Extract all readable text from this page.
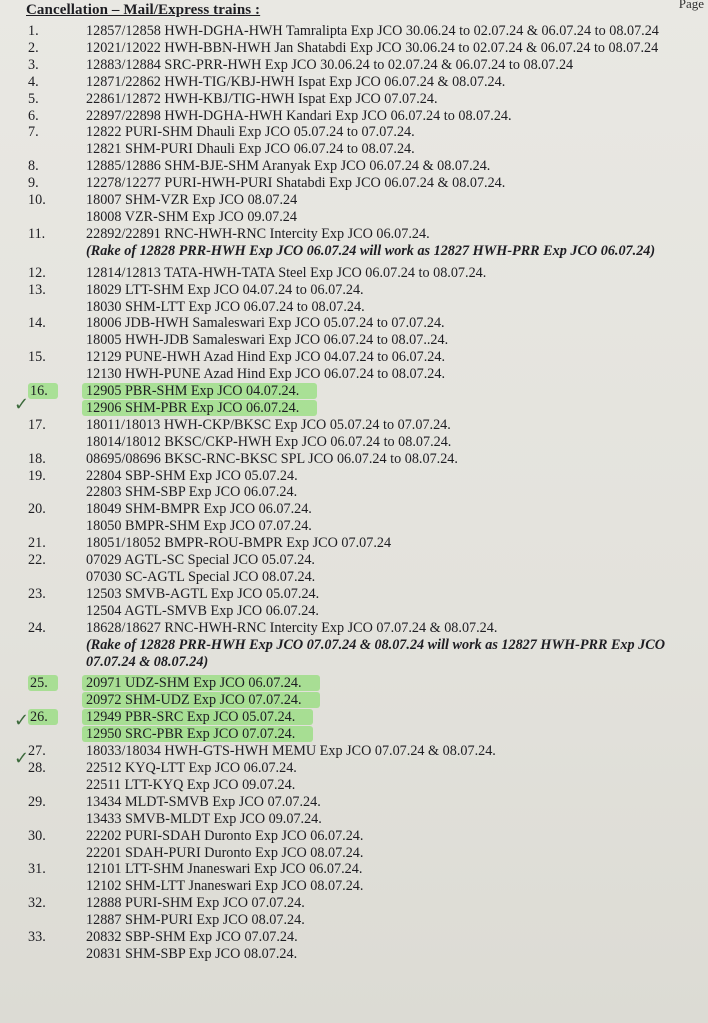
Page
Cancellation – Mail/Express trains :
1.	12857/12858 HWH-DGHA-HWH Tamralipta Exp JCO 30.06.24 to 02.07.24 & 06.07.24 to 08.07.24
2.	12021/12022 HWH-BBN-HWH Jan Shatabdi Exp JCO 30.06.24 to 02.07.24 & 06.07.24 to 08.07.24
3.	12883/12884 SRC-PRR-HWH Exp JCO 30.06.24 to 02.07.24 & 06.07.24 to 08.07.24
4.	12871/22862 HWH-TIG/KBJ-HWH Ispat Exp JCO 06.07.24 & 08.07.24.
5.	22861/12872 HWH-KBJ/TIG-HWH Ispat Exp JCO 07.07.24.
6.	22897/22898 HWH-DGHA-HWH Kandari Exp JCO 06.07.24 to 08.07.24.
7.	12822 PURI-SHM Dhauli Exp JCO 05.07.24 to 07.07.24.
12821 SHM-PURI Dhauli Exp JCO 06.07.24 to 08.07.24.
8.	12885/12886 SHM-BJE-SHM Aranyak Exp JCO 06.07.24 & 08.07.24.
9.	12278/12277 PURI-HWH-PURI Shatabdi Exp JCO 06.07.24 & 08.07.24.
10.	18007 SHM-VZR Exp JCO 08.07.24
18008 VZR-SHM Exp JCO 09.07.24
11.	22892/22891 RNC-HWH-RNC Intercity Exp JCO 06.07.24.
(Rake of 12828 PRR-HWH Exp JCO 06.07.24 will work as 12827 HWH-PRR Exp JCO 06.07.24)
12.	12814/12813 TATA-HWH-TATA Steel Exp JCO 06.07.24 to 08.07.24.
13.	18029 LTT-SHM Exp JCO 04.07.24 to 06.07.24.
18030 SHM-LTT Exp JCO 06.07.24 to 08.07.24.
14.	18006 JDB-HWH Samaleswari Exp JCO 05.07.24 to 07.07.24.
18005 HWH-JDB Samaleswari Exp JCO 06.07.24 to 08.07..24.
15.	12129 PUNE-HWH Azad Hind Exp JCO 04.07.24 to 06.07.24.
12130 HWH-PUNE Azad Hind Exp JCO 06.07.24 to 08.07.24.
16.	12905 PBR-SHM Exp JCO 04.07.24.
12906 SHM-PBR Exp JCO 06.07.24.
17.	18011/18013 HWH-CKP/BKSC Exp JCO 05.07.24 to 07.07.24.
18014/18012 BKSC/CKP-HWH Exp JCO 06.07.24 to 08.07.24.
18.	08695/08696 BKSC-RNC-BKSC SPL JCO 06.07.24 to 08.07.24.
19.	22804 SBP-SHM Exp JCO 05.07.24.
22803 SHM-SBP Exp JCO 06.07.24.
20.	18049 SHM-BMPR Exp JCO 06.07.24.
18050 BMPR-SHM Exp JCO 07.07.24.
21.	18051/18052 BMPR-ROU-BMPR Exp JCO 07.07.24
22.	07029 AGTL-SC Special JCO 05.07.24.
07030 SC-AGTL Special JCO 08.07.24.
23.	12503 SMVB-AGTL Exp JCO 05.07.24.
12504 AGTL-SMVB Exp JCO 06.07.24.
24.	18628/18627 RNC-HWH-RNC Intercity Exp JCO 07.07.24 & 08.07.24.
(Rake of 12828 PRR-HWH Exp JCO 07.07.24 & 08.07.24 will work as 12827 HWH-PRR Exp JCO 07.07.24 & 08.07.24)
25.	20971 UDZ-SHM Exp JCO 06.07.24.
20972 SHM-UDZ Exp JCO 07.07.24.
26.	12949 PBR-SRC Exp JCO 05.07.24.
12950 SRC-PBR Exp JCO 07.07.24.
27.	18033/18034 HWH-GTS-HWH MEMU Exp JCO 07.07.24 & 08.07.24.
28.	22512 KYQ-LTT Exp JCO 06.07.24.
22511 LTT-KYQ Exp JCO 09.07.24.
29.	13434 MLDT-SMVB Exp JCO 07.07.24.
13433 SMVB-MLDT Exp JCO 09.07.24.
30.	22202 PURI-SDAH Duronto Exp JCO 06.07.24.
22201 SDAH-PURI Duronto Exp JCO 08.07.24.
31.	12101 LTT-SHM Jnaneswari Exp JCO 06.07.24.
12102 SHM-LTT Jnaneswari Exp JCO 08.07.24.
32.	12888 PURI-SHM Exp JCO 07.07.24.
12887 SHM-PURI Exp JCO 08.07.24.
33.	20832 SBP-SHM Exp JCO 07.07.24.
20831 SHM-SBP Exp JCO 08.07.24.
✓
✓
✓
